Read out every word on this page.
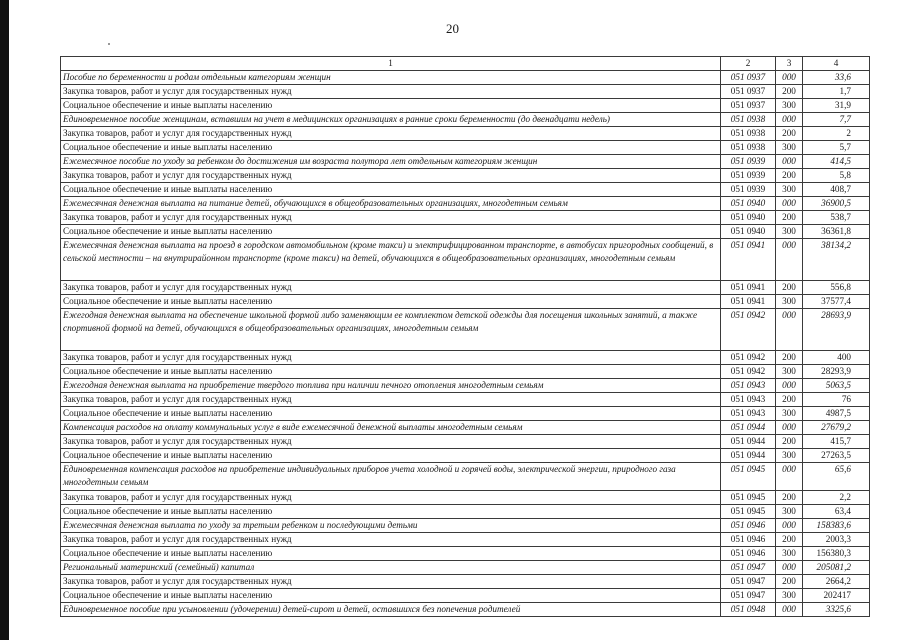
20
1	2	3	4
Пособие по беременности и родам отдельным категориям женщин	051 0937	000	33,6
Закупка товаров, работ и услуг для государственных нужд	051 0937	200	1,7
Социальное обеспечение и иные выплаты населению	051 0937	300	31,9
Единовременное пособие женщинам, вставшим на учет в медицинских организациях в ранние сроки беременности (до двенадцати недель)	051 0938	000	7,7
Закупка товаров, работ и услуг для государственных нужд	051 0938	200	2
Социальное обеспечение и иные выплаты населению	051 0938	300	5,7
Ежемесячное пособие по уходу за ребенком до достижения им возраста полутора лет отдельным категориям женщин	051 0939	000	414,5
Закупка товаров, работ и услуг для государственных нужд	051 0939	200	5,8
Социальное обеспечение и иные выплаты населению	051 0939	300	408,7
Ежемесячная денежная выплата на питание детей, обучающихся в общеобразовательных организациях, многодетным семьям	051 0940	000	36900,5
Закупка товаров, работ и услуг для государственных нужд	051 0940	200	538,7
Социальное обеспечение и иные выплаты населению	051 0940	300	36361,8
Ежемесячная денежная выплата на проезд в городском автомобильном (кроме такси) и электрифицированном транспорте, в автобусах пригородных сообщений, в сельской местности – на внутрирайонном транспорте (кроме такси) на детей, обучающихся в общеобразовательных организациях, многодетным семьям	051 0941	000	38134,2
Закупка товаров, работ и услуг для государственных нужд	051 0941	200	556,8
Социальное обеспечение и иные выплаты населению	051 0941	300	37577,4
Ежегодная денежная выплата на обеспечение школьной формой либо заменяющим ее комплектом детской одежды для посещения школьных занятий, а также спортивной формой на детей, обучающихся в общеобразовательных организациях, многодетным семьям	051 0942	000	28693,9
Закупка товаров, работ и услуг для государственных нужд	051 0942	200	400
Социальное обеспечение и иные выплаты населению	051 0942	300	28293,9
Ежегодная денежная выплата на приобретение твердого топлива при наличии печного отопления многодетным семьям	051 0943	000	5063,5
Закупка товаров, работ и услуг для государственных нужд	051 0943	200	76
Социальное обеспечение и иные выплаты населению	051 0943	300	4987,5
Компенсация расходов на оплату коммунальных услуг в виде ежемесячной денежной выплаты многодетным семьям	051 0944	000	27679,2
Закупка товаров, работ и услуг для государственных нужд	051 0944	200	415,7
Социальное обеспечение и иные выплаты населению	051 0944	300	27263,5
Единовременная компенсация расходов на приобретение индивидуальных приборов учета холодной и горячей воды, электрической энергии, природного газа многодетным семьям	051 0945	000	65,6
Закупка товаров, работ и услуг для государственных нужд	051 0945	200	2,2
Социальное обеспечение и иные выплаты населению	051 0945	300	63,4
Ежемесячная денежная выплата по уходу за третьим ребенком и последующими детьми	051 0946	000	158383,6
Закупка товаров, работ и услуг для государственных нужд	051 0946	200	2003,3
Социальное обеспечение и иные выплаты населению	051 0946	300	156380,3
Региональный материнский (семейный) капитал	051 0947	000	205081,2
Закупка товаров, работ и услуг для государственных нужд	051 0947	200	2664,2
Социальное обеспечение и иные выплаты населению	051 0947	300	202417
Единовременное пособие при усыновлении (удочерении) детей-сирот и детей, оставшихся без попечения родителей	051 0948	000	3325,6
